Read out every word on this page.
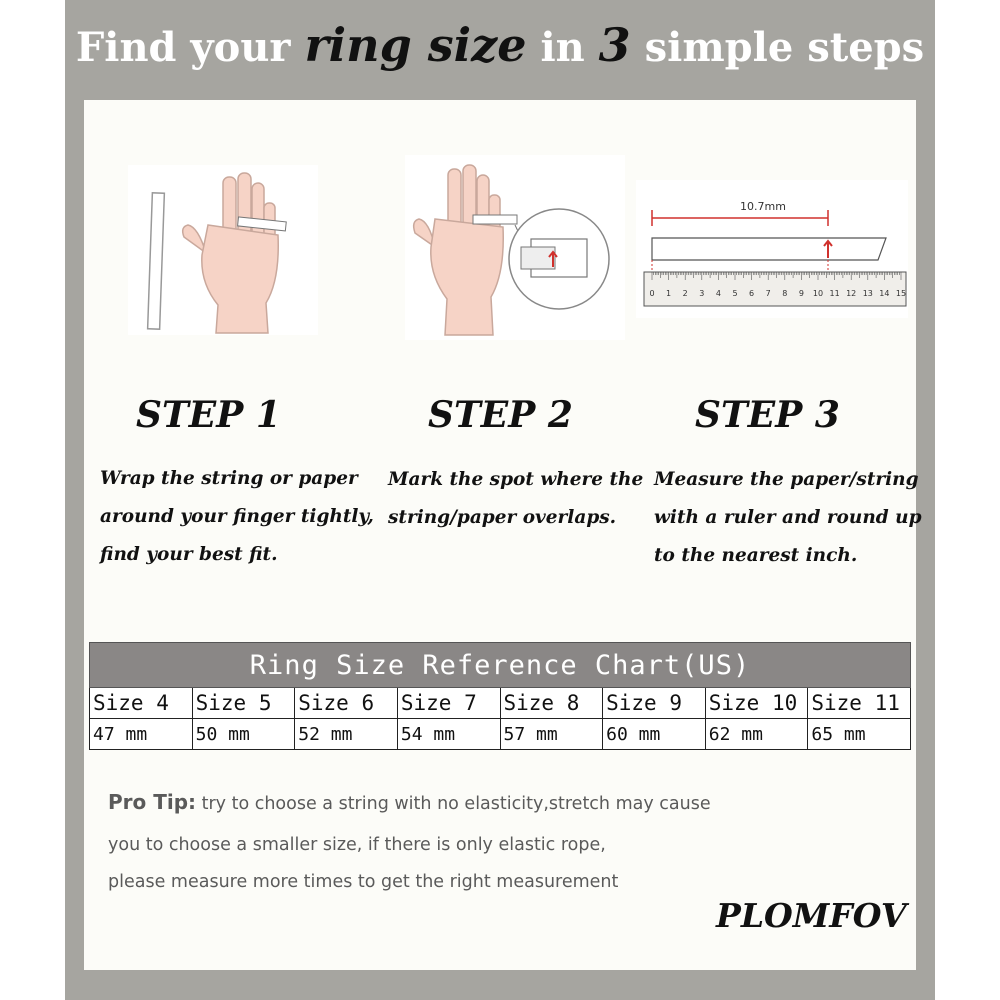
Find your ring size in 3 simple steps
10.7mm
0 1 2 3 4 5 6 7 8 9 10 11 12 13 14 15
STEP 1	STEP 2	STEP 3
Wrap the string or paper
around your finger tightly,
find your best fit.
Mark the spot where the
string/paper overlaps.
Measure the paper/string
with a ruler and round up
to the nearest inch.
Ring Size Reference Chart(US)							
Size 4	Size 5	Size 6	Size 7	Size 8	Size 9	Size 10	Size 11
47 mm	50 mm	52 mm	54 mm	57 mm	60 mm	62 mm	65 mm
Pro Tip: try to choose a string with no elasticity,stretch may cause
you to choose a smaller size, if there is only elastic rope,
please measure more times to get the right measurement
PLOMFOV
